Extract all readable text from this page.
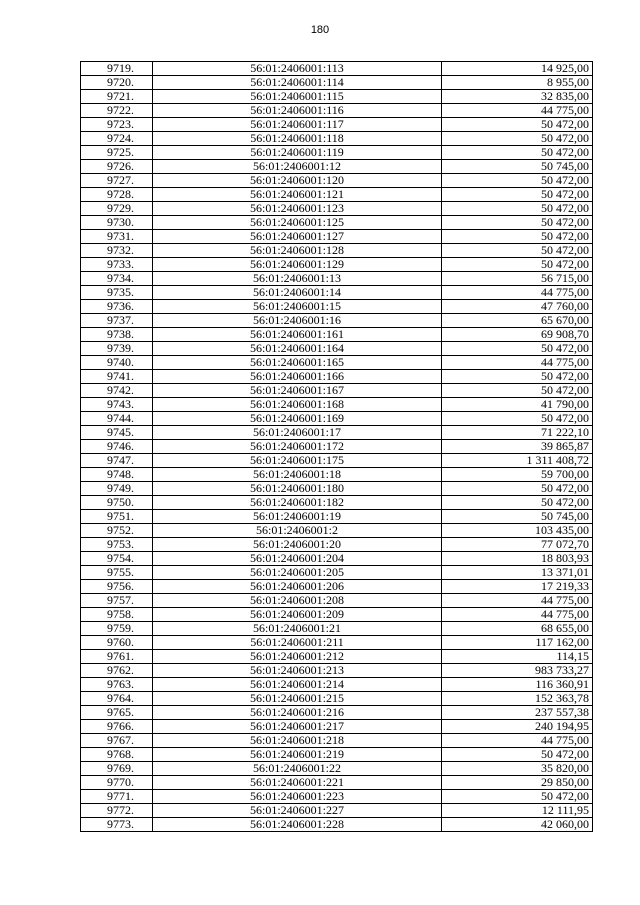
180
9719.	56:01:2406001:113	14 925,00
9720.	56:01:2406001:114	8 955,00
9721.	56:01:2406001:115	32 835,00
9722.	56:01:2406001:116	44 775,00
9723.	56:01:2406001:117	50 472,00
9724.	56:01:2406001:118	50 472,00
9725.	56:01:2406001:119	50 472,00
9726.	56:01:2406001:12	50 745,00
9727.	56:01:2406001:120	50 472,00
9728.	56:01:2406001:121	50 472,00
9729.	56:01:2406001:123	50 472,00
9730.	56:01:2406001:125	50 472,00
9731.	56:01:2406001:127	50 472,00
9732.	56:01:2406001:128	50 472,00
9733.	56:01:2406001:129	50 472,00
9734.	56:01:2406001:13	56 715,00
9735.	56:01:2406001:14	44 775,00
9736.	56:01:2406001:15	47 760,00
9737.	56:01:2406001:16	65 670,00
9738.	56:01:2406001:161	69 908,70
9739.	56:01:2406001:164	50 472,00
9740.	56:01:2406001:165	44 775,00
9741.	56:01:2406001:166	50 472,00
9742.	56:01:2406001:167	50 472,00
9743.	56:01:2406001:168	41 790,00
9744.	56:01:2406001:169	50 472,00
9745.	56:01:2406001:17	71 222,10
9746.	56:01:2406001:172	39 865,87
9747.	56:01:2406001:175	1 311 408,72
9748.	56:01:2406001:18	59 700,00
9749.	56:01:2406001:180	50 472,00
9750.	56:01:2406001:182	50 472,00
9751.	56:01:2406001:19	50 745,00
9752.	56:01:2406001:2	103 435,00
9753.	56:01:2406001:20	77 072,70
9754.	56:01:2406001:204	18 803,93
9755.	56:01:2406001:205	13 371,01
9756.	56:01:2406001:206	17 219,33
9757.	56:01:2406001:208	44 775,00
9758.	56:01:2406001:209	44 775,00
9759.	56:01:2406001:21	68 655,00
9760.	56:01:2406001:211	117 162,00
9761.	56:01:2406001:212	114,15
9762.	56:01:2406001:213	983 733,27
9763.	56:01:2406001:214	116 360,91
9764.	56:01:2406001:215	152 363,78
9765.	56:01:2406001:216	237 557,38
9766.	56:01:2406001:217	240 194,95
9767.	56:01:2406001:218	44 775,00
9768.	56:01:2406001:219	50 472,00
9769.	56:01:2406001:22	35 820,00
9770.	56:01:2406001:221	29 850,00
9771.	56:01:2406001:223	50 472,00
9772.	56:01:2406001:227	12 111,95
9773.	56:01:2406001:228	42 060,00
